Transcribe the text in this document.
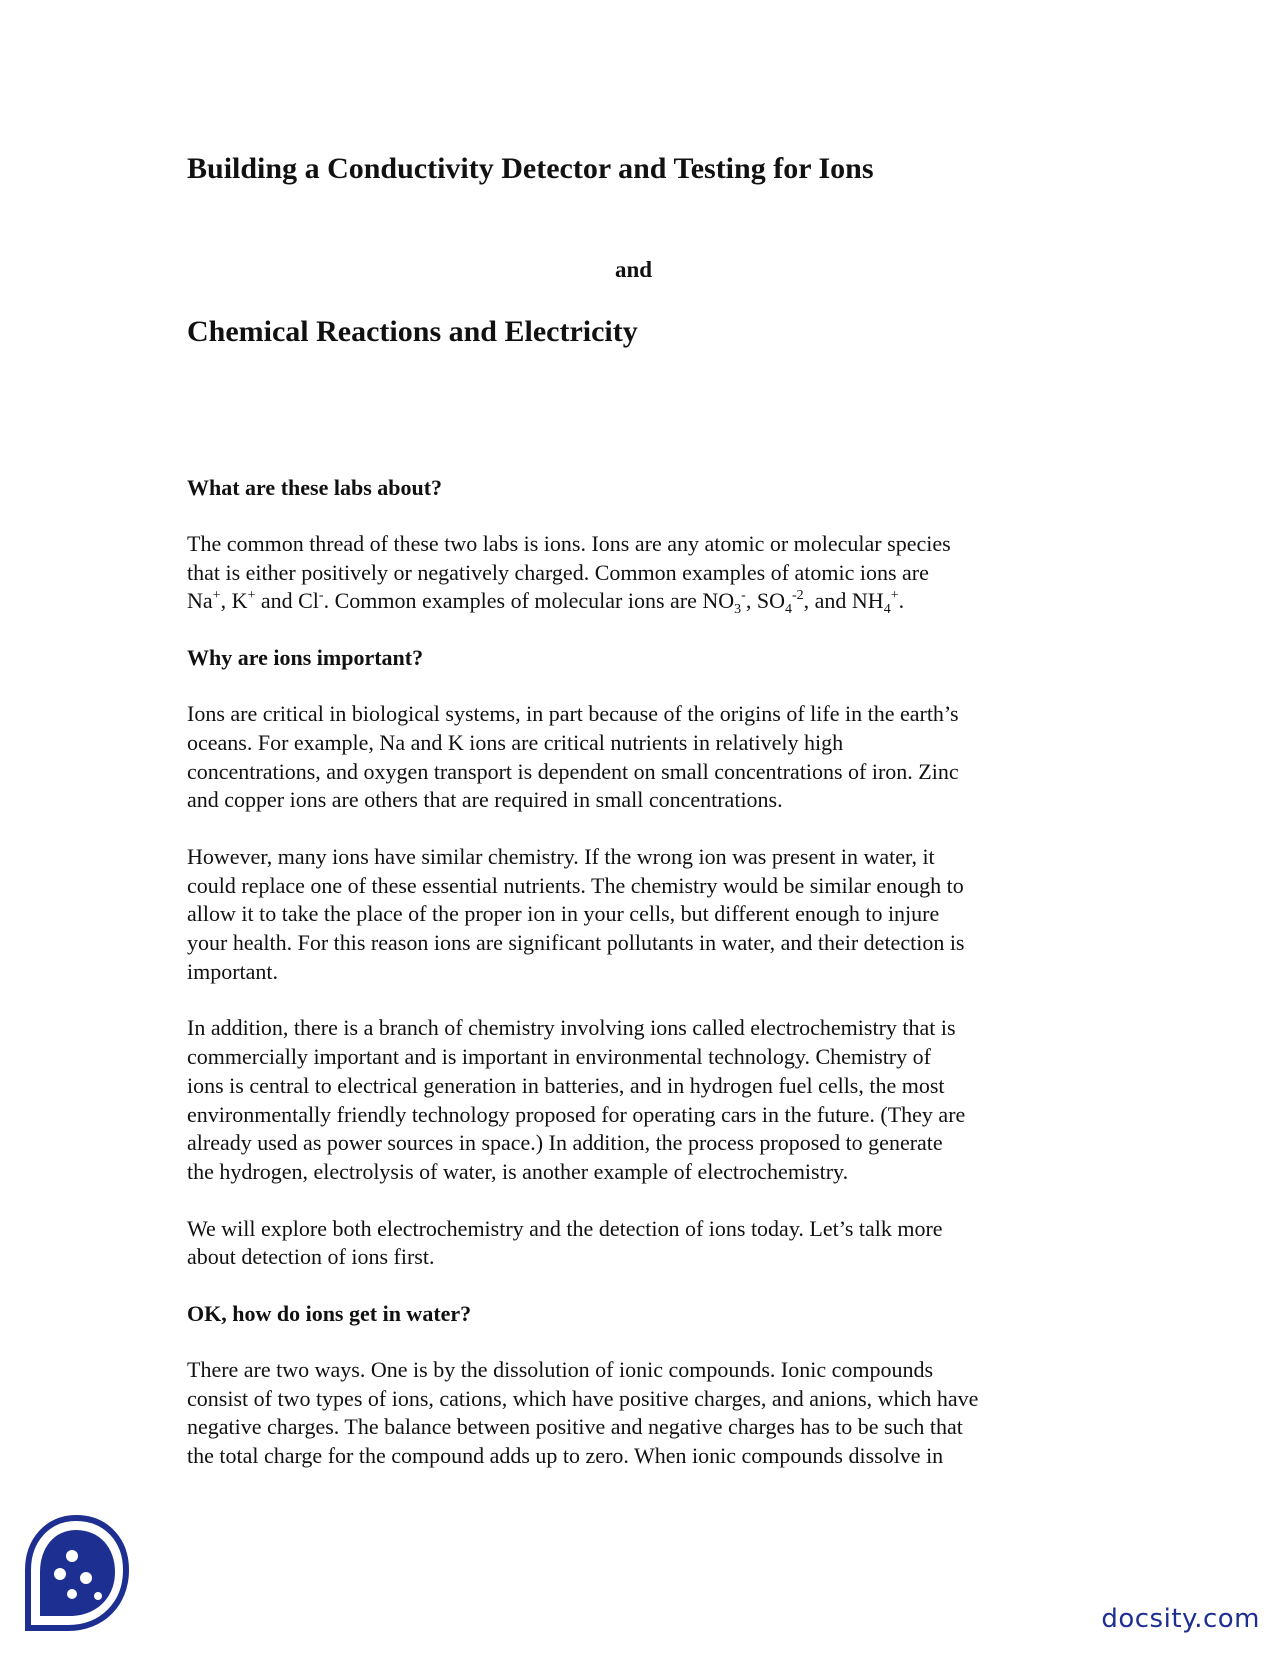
Building a Conductivity Detector and Testing for Ions
and
Chemical Reactions and Electricity
What are these labs about?

The common thread of these two labs is ions. Ions are any atomic or molecular species
that is either positively or negatively charged. Common examples of atomic ions are
Na+, K+ and Cl-. Common examples of molecular ions are $NO_3^-$, $SO_4^{-2}$, and $NH_4^+$.

Why are ions important?

Ions are critical in biological systems, in part because of the origins of life in the earth’s
oceans. For example, Na and K ions are critical nutrients in relatively high
concentrations, and oxygen transport is dependent on small concentrations of iron. Zinc
and copper ions are others that are required in small concentrations.

However, many ions have similar chemistry. If the wrong ion was present in water, it
could replace one of these essential nutrients. The chemistry would be similar enough to
allow it to take the place of the proper ion in your cells, but different enough to injure
your health. For this reason ions are significant pollutants in water, and their detection is
important.

In addition, there is a branch of chemistry involving ions called electrochemistry that is
commercially important and is important in environmental technology. Chemistry of
ions is central to electrical generation in batteries, and in hydrogen fuel cells, the most
environmentally friendly technology proposed for operating cars in the future. (They are
already used as power sources in space.) In addition, the process proposed to generate
the hydrogen, electrolysis of water, is another example of electrochemistry.

We will explore both electrochemistry and the detection of ions today. Let’s talk more
about detection of ions first.

OK, how do ions get in water?

There are two ways. One is by the dissolution of ionic compounds. Ionic compounds
consist of two types of ions, cations, which have positive charges, and anions, which have
negative charges. The balance between positive and negative charges has to be such that
the total charge for the compound adds up to zero. When ionic compounds dissolve in

docsity.com
